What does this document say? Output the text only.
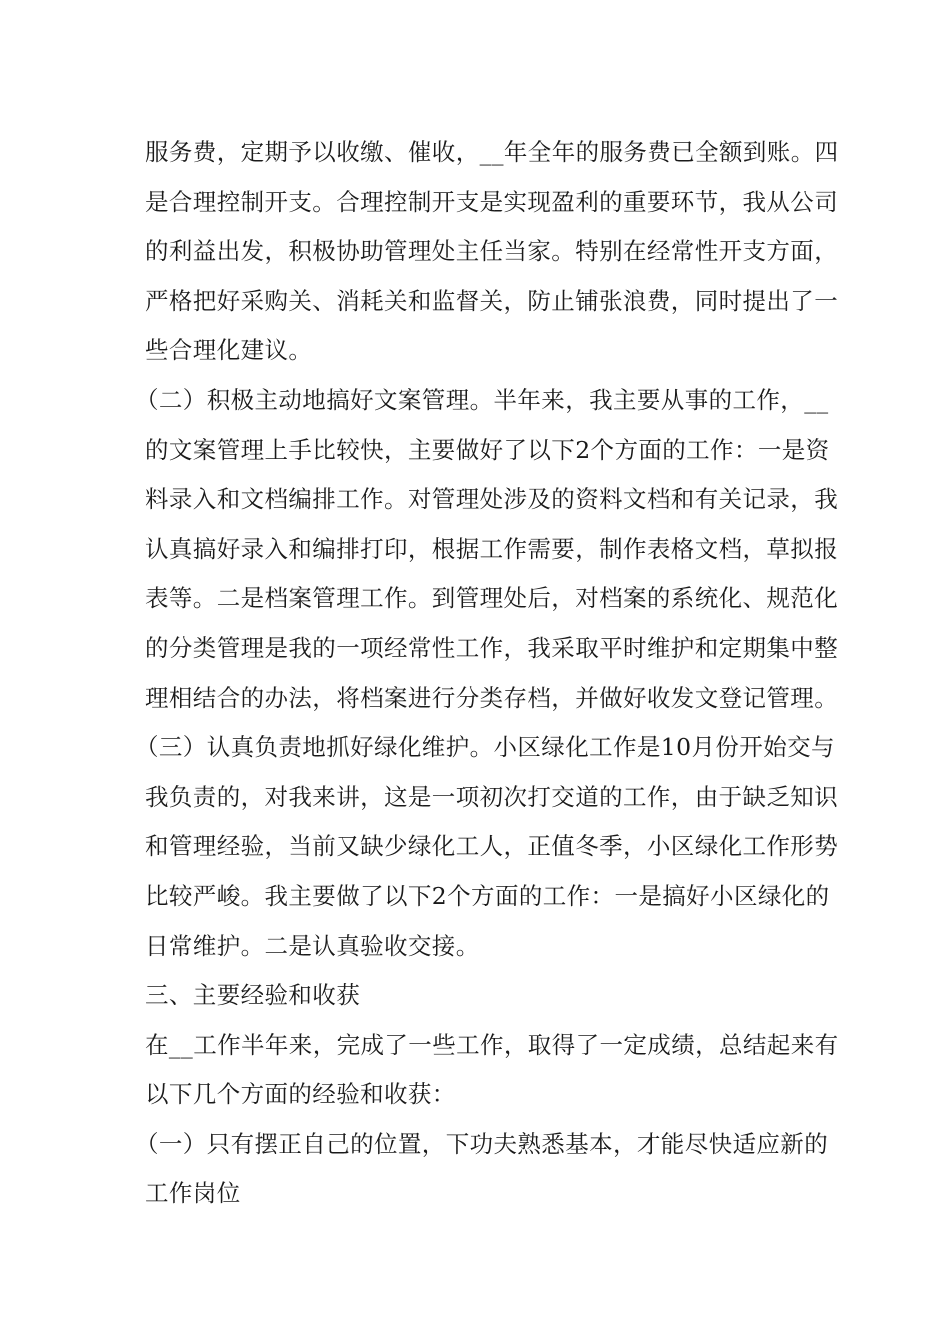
服务费，定期予以收缴、催收，__年全年的服务费已全额到账。四
是合理控制开支。合理控制开支是实现盈利的重要环节，我从公司
的利益出发，积极协助管理处主任当家。特别在经常性开支方面，
严格把好采购关、消耗关和监督关，防止铺张浪费，同时提出了一
些合理化建议。
（二）积极主动地搞好文案管理。半年来，我主要从事的工作，__
的文案管理上手比较快，主要做好了以下2个方面的工作：一是资
料录入和文档编排工作。对管理处涉及的资料文档和有关记录，我
认真搞好录入和编排打印，根据工作需要，制作表格文档，草拟报
表等。二是档案管理工作。到管理处后，对档案的系统化、规范化
的分类管理是我的一项经常性工作，我采取平时维护和定期集中整
理相结合的办法，将档案进行分类存档，并做好收发文登记管理。
（三）认真负责地抓好绿化维护。小区绿化工作是10月份开始交与
我负责的，对我来讲，这是一项初次打交道的工作，由于缺乏知识
和管理经验，当前又缺少绿化工人，正值冬季，小区绿化工作形势
比较严峻。我主要做了以下2个方面的工作：一是搞好小区绿化的
日常维护。二是认真验收交接。
三、主要经验和收获
在__工作半年来，完成了一些工作，取得了一定成绩，总结起来有
以下几个方面的经验和收获：
（一）只有摆正自己的位置，下功夫熟悉基本，才能尽快适应新的
工作岗位
